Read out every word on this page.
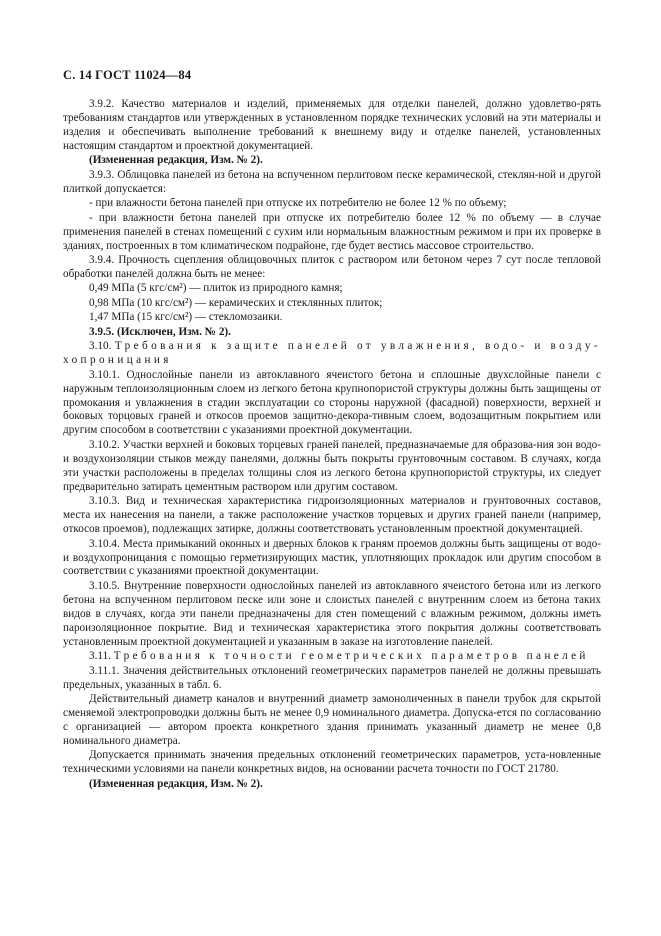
С. 14 ГОСТ 11024—84

3.9.2. Качество материалов и изделий, применяемых для отделки панелей, должно удовлетво-рять требованиям стандартов или утвержденных в установленном порядке технических условий на эти материалы и изделия и обеспечивать выполнение требований к внешнему виду и отделке панелей, установленных настоящим стандартом и проектной документацией.

(Измененная редакция, Изм. № 2).

3.9.3. Облицовка панелей из бетона на вспученном перлитовом песке керамической, стеклян-ной и другой плиткой допускается:

- при влажности бетона панелей при отпуске их потребителю не более 12 % по объему;

- при влажности бетона панелей при отпуске их потребителю более 12 % по объему — в случае применения панелей в стенах помещений с сухим или нормальным влажностным режимом и при их проверке в зданиях, построенных в том климатическом подрайоне, где будет вестись массовое строительство.

3.9.4. Прочность сцепления облицовочных плиток с раствором или бетоном через 7 сут после тепловой обработки панелей должна быть не менее:

0,49 МПа (5 кгс/см²) — плиток из природного камня;

0,98 МПа (10 кгс/см²) — керамических и стеклянных плиток;

1,47 МПа (15 кгс/см²) — стекломозаики.

3.9.5. (Исключен, Изм. № 2).

3.10. Требования к защите панелей от увлажнения, водо- и возду-хопроницания

3.10.1. Однослойные панели из автоклавного ячеистого бетона и сплошные двухслойные панели с наружным теплоизоляционным слоем из легкого бетона крупнопористой структуры должны быть защищены от промокания и увлажнения в стадии эксплуатации со стороны наружной (фасадной) поверхности, верхней и боковых торцовых граней и откосов проемов защитно-декора-тивным слоем, водозащитным покрытием или другим способом в соответствии с указаниями проектной документации.

3.10.2. Участки верхней и боковых торцевых граней панелей, предназначаемые для образова-ния зон водо- и воздухоизоляции стыков между панелями, должны быть покрыты грунтовочным составом. В случаях, когда эти участки расположены в пределах толщины слоя из легкого бетона крупнопористой структуры, их следует предварительно затирать цементным раствором или другим составом.

3.10.3. Вид и техническая характеристика гидроизоляционных материалов и грунтовочных составов, места их нанесения на панели, а также расположение участков торцевых и других граней панели (например, откосов проемов), подлежащих затирке, должны соответствовать установленным проектной документацией.

3.10.4. Места примыканий оконных и дверных блоков к граням проемов должны быть защищены от водо- и воздухопроницания с помощью герметизирующих мастик, уплотняющих прокладок или другим способом в соответствии с указаниями проектной документации.

3.10.5. Внутренние поверхности однослойных панелей из автоклавного ячеистого бетона или из легкого бетона на вспученном перлитовом песке или зоне и слоистых панелей с внутренним слоем из бетона таких видов в случаях, когда эти панели предназначены для стен помещений с влажным режимом, должны иметь пароизоляционное покрытие. Вид и техническая характеристика этого покрытия должны соответствовать установленным проектной документацией и указанным в заказе на изготовление панелей.

3.11. Требования к точности геометрических параметров панелей

3.11.1. Значения действительных отклонений геометрических параметров панелей не должны превышать предельных, указанных в табл. 6.

Действительный диаметр каналов и внутренний диаметр замоноличенных в панели трубок для скрытой сменяемой электропроводки должны быть не менее 0,9 номинального диаметра. Допуска-ется по согласованию с организацией — автором проекта конкретного здания принимать указанный диаметр не менее 0,8 номинального диаметра.

Допускается принимать значения предельных отклонений геометрических параметров, уста-новленные техническими условиями на панели конкретных видов, на основании расчета точности по ГОСТ 21780.

(Измененная редакция, Изм. № 2).
